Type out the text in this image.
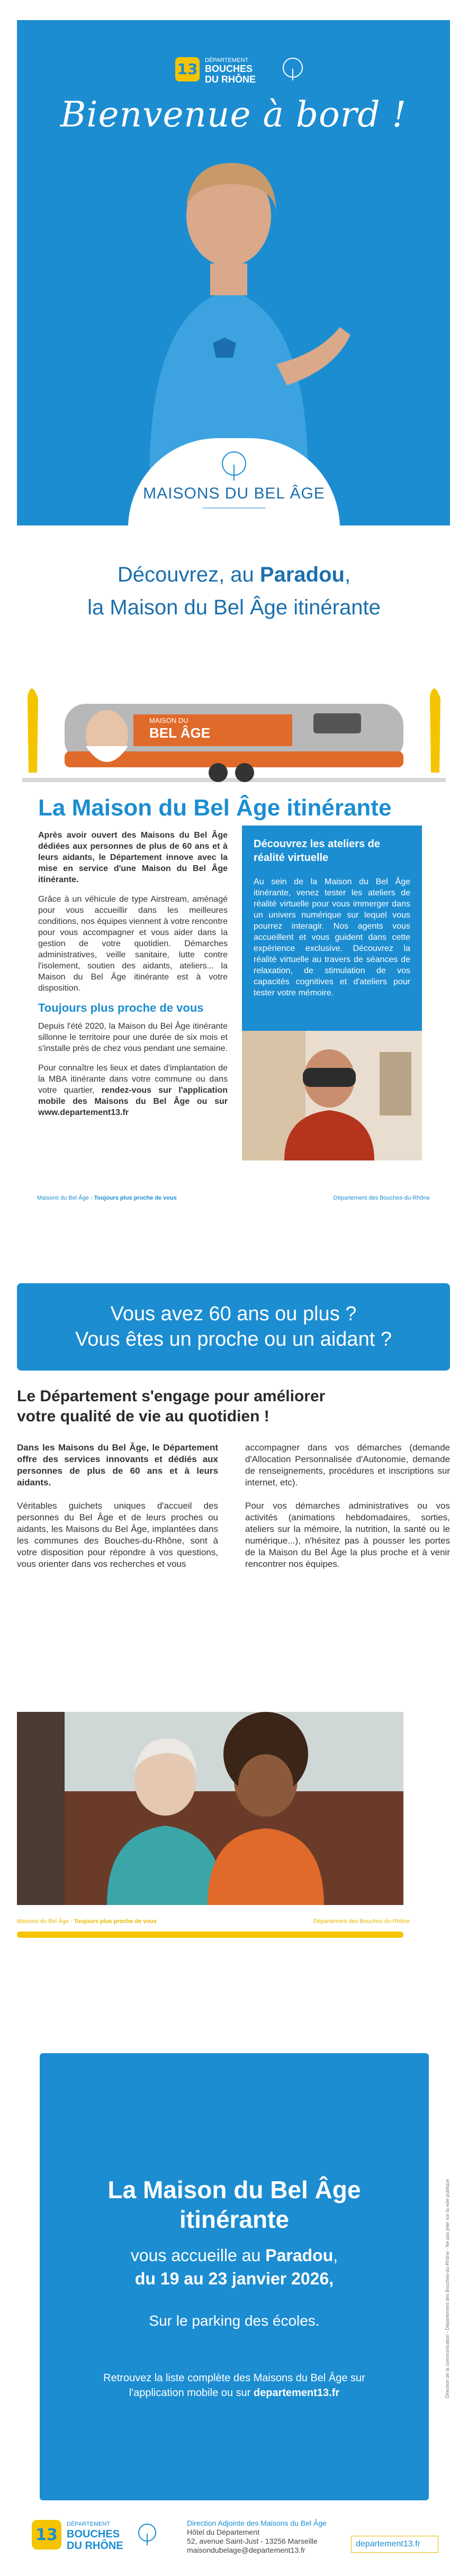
13 DÉPARTEMENT
BOUCHES
DU RHÔNE
Bienvenue à bord !
MAISONS DU BEL ÂGE
Découvrez, au Paradou,
la Maison du Bel Âge itinérante
MAISON DU
BEL ÂGE
La Maison du Bel Âge itinérante

Après avoir ouvert des Maisons du Bel Âge dédiées aux personnes de plus de 60 ans et à leurs aidants, le Département innove avec la mise en service d'une Maison du Bel Âge itinérante.

Grâce à un véhicule de type Airstream, aménagé pour vous accueillir dans les meilleures conditions, nos équipes viennent à votre rencontre pour vous accompagner et vous aider dans la gestion de votre quotidien. Démarches administratives, veille sanitaire, lutte contre l'isolement, soutien des aidants, ateliers... la Maison du Bel Âge itinérante est à votre disposition.

Toujours plus proche de vous

Depuis l'été 2020, la Maison du Bel Âge itinérante sillonne le territoire pour une durée de six mois et s'installe près de chez vous pendant une semaine.

Pour connaître les lieux et dates d'implantation de la MBA itinérante dans votre commune ou dans votre quartier, rendez-vous sur l'application mobile des Maisons du Bel Âge ou sur www.departement13.fr

Découvrez les ateliers de réalité virtuelle
Au sein de la Maison du Bel Âge itinérante, venez tester les ateliers de réalité virtuelle pour vous immerger dans un univers numérique sur lequel vous pourrez interagir. Nos agents vous accueillent et vous guident dans cette expérience exclusive. Découvrez la réalité virtuelle au travers de séances de relaxation, de stimulation de vos capacités cognitives et d'ateliers pour tester votre mémoire.
Maisons du Bel Âge - Toujours plus proche de vous	Département des Bouches-du-Rhône
Vous avez 60 ans ou plus ?
Vous êtes un proche ou un aidant ?
Le Département s'engage pour améliorer
votre qualité de vie au quotidien !

Dans les Maisons du Bel Âge, le Département offre des services innovants et dédiés aux personnes de plus de 60 ans et à leurs aidants.

Véritables guichets uniques d'accueil des personnes du Bel Âge et de leurs proches ou aidants, les Maisons du Bel Âge, implantées dans les communes des Bouches-du-Rhône, sont à votre disposition pour répondre à vos questions, vous orienter dans vos recherches et vous

accompagner dans vos démarches (demande d'Allocation Personnalisée d'Autonomie, demande de renseignements, procédures et inscriptions sur internet, etc).

Pour vos démarches administratives ou vos activités (animations hebdomadaires, sorties, ateliers sur la mémoire, la nutrition, la santé ou le numérique...), n'hésitez pas à pousser les portes de la Maison du Bel Âge la plus proche et à venir rencontrer nos équipes.

Maisons du Bel Âge - Toujours plus proche de vous	Département des Bouches-du-Rhône
La Maison du Bel Âge
itinérante
vous accueille au Paradou,
du 19 au 23 janvier 2026,
Sur le parking des écoles.
Retrouvez la liste complète des Maisons du Bel Âge sur
l'application mobile ou sur departement13.fr	Direction de la communication - Département des Bouches-du-Rhône - Ne pas jeter sur la voie publique
13
DÉPARTEMENT
BOUCHES
DU RHÔNE
Direction Adjointe des Maisons du Bel Âge
Hôtel du Département
52, avenue Saint-Just - 13256 Marseille
maisondubelage@departement13.fr
departement13.fr
